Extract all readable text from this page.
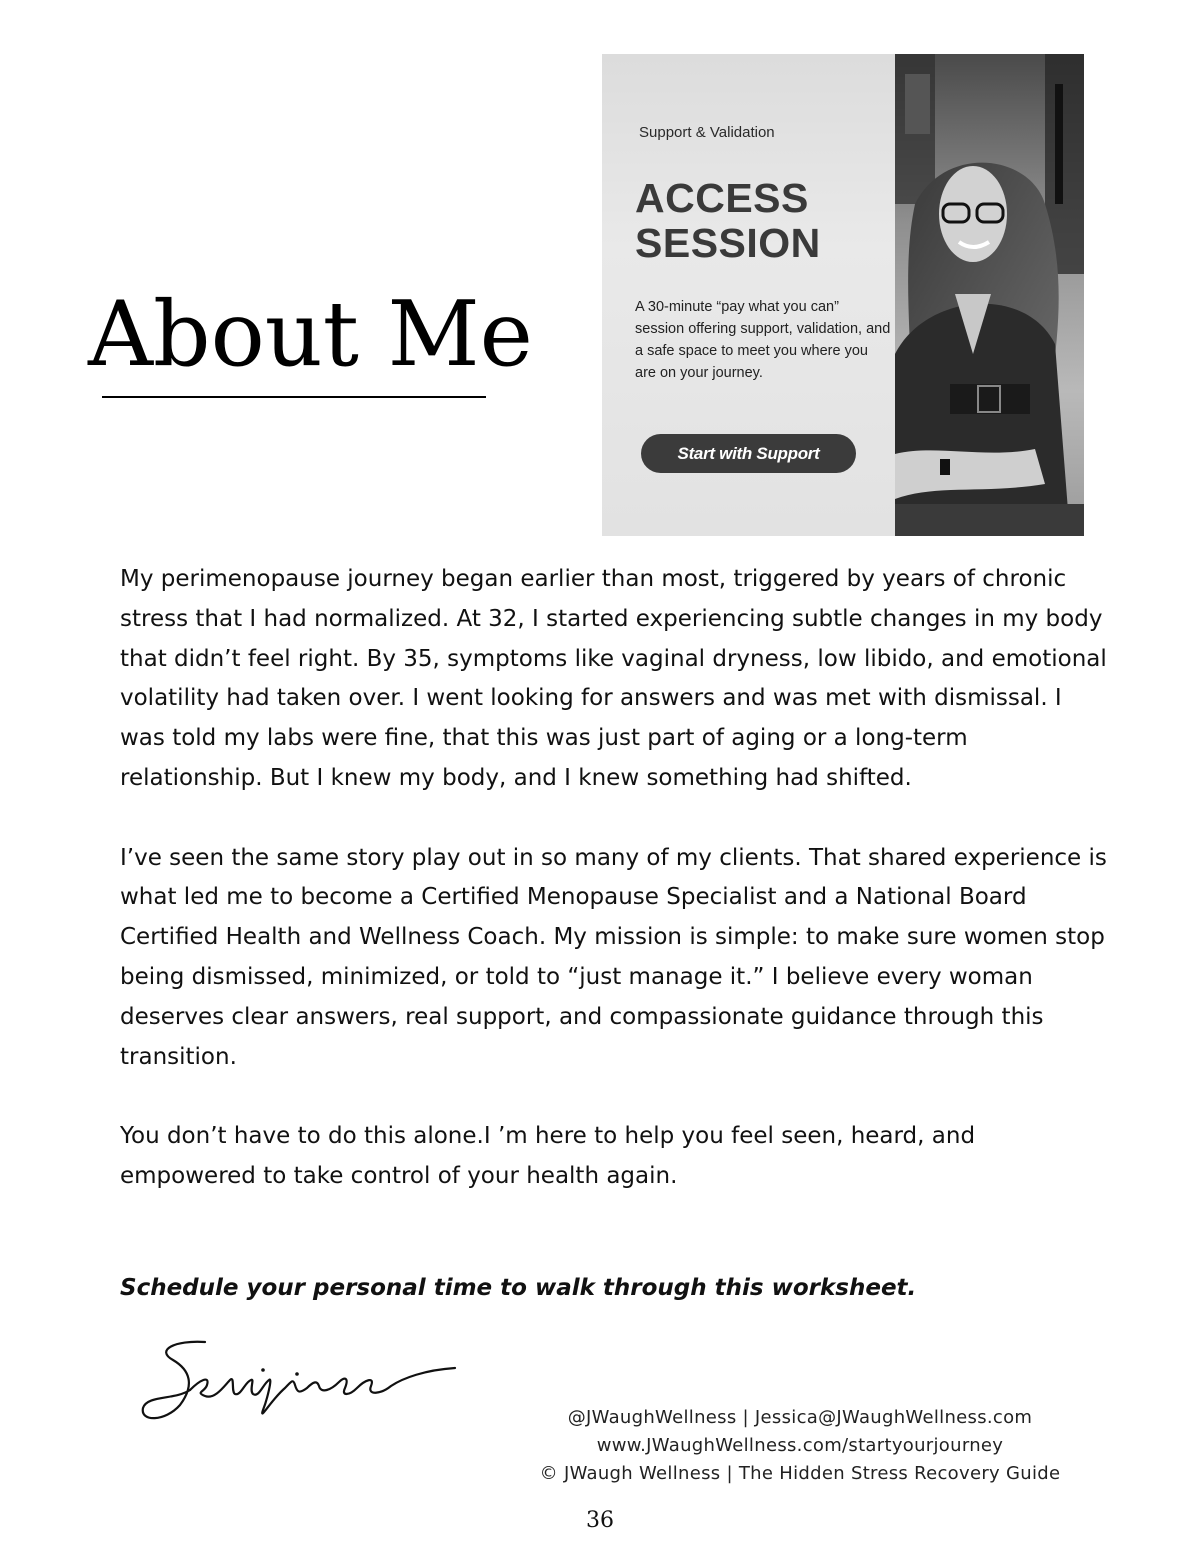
About Me
Support & Validation
ACCESS
SESSION

A 30-minute “pay what you can” session offering support, validation, and a safe space to meet you where you are on your journey.

Start with Support

My perimenopause journey began earlier than most, triggered by years of chronic stress that I had normalized. At 32, I started experiencing subtle changes in my body that didn’t feel right. By 35, symptoms like vaginal dryness, low libido, and emotional volatility had taken over. I went looking for answers and was met with dismissal. I was told my labs were fine, that this was just part of aging or a long-term relationship. But I knew my body, and I knew something had shifted.

I’ve seen the same story play out in so many of my clients. That shared experience is what led me to become a Certified Menopause Specialist and a National Board Certified Health and Wellness Coach. My mission is simple: to make sure women stop being dismissed, minimized, or told to “just manage it.” I believe every woman deserves clear answers, real support, and compassionate guidance through this transition.

You don’t have to do this alone.I ’m here to help you feel seen, heard, and empowered to take control of your health again.

Schedule your personal time to walk through this worksheet.

@JWaughWellness | Jessica@JWaughWellness.com
www.JWaughWellness.com/startyourjourney
© JWaugh Wellness | The Hidden Stress Recovery Guide
36
